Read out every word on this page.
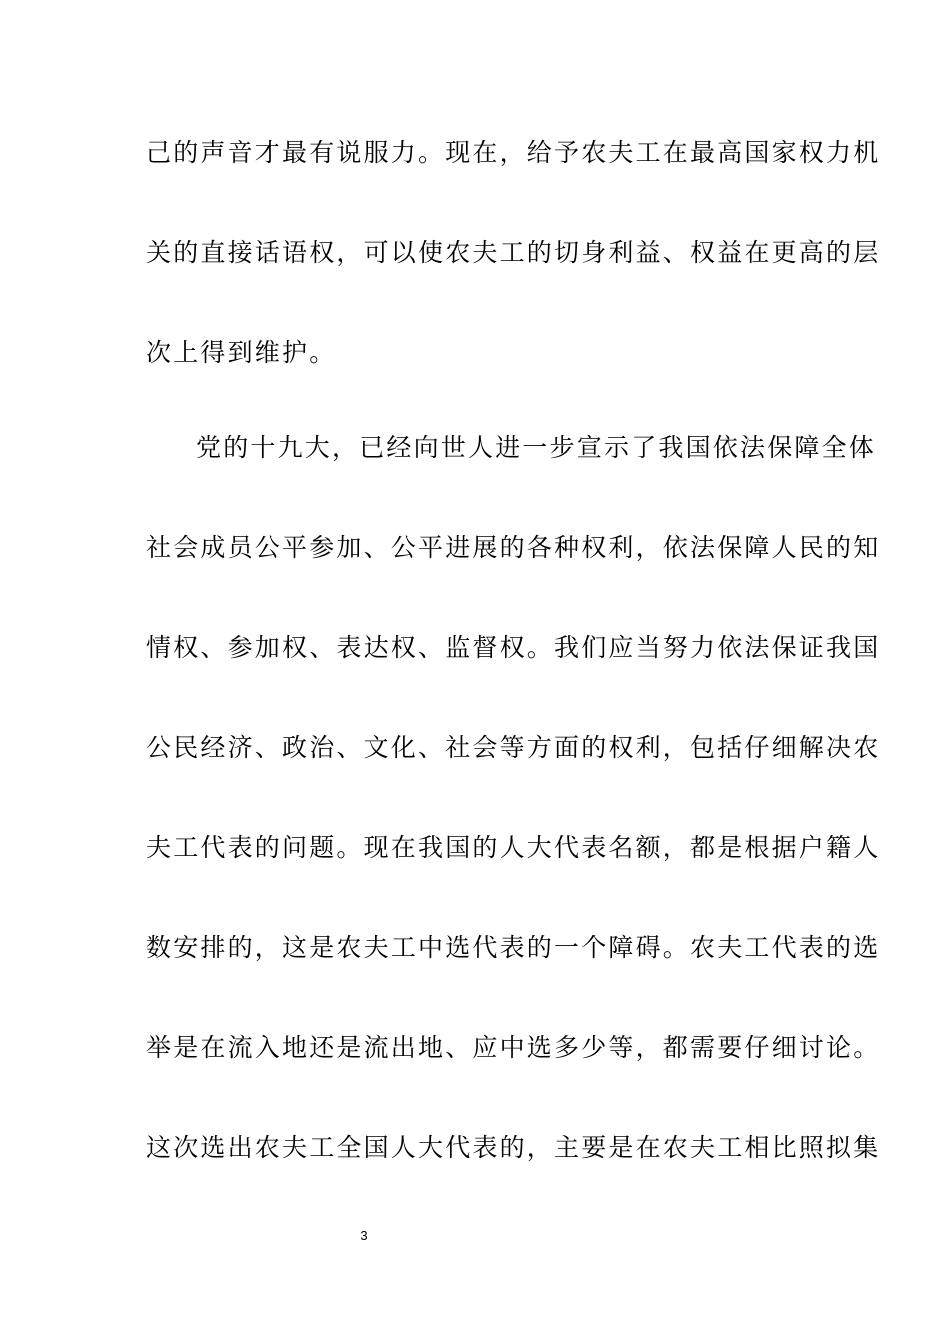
己的声音才最有说服力。现在，给予农夫工在最高国家权力机
关的直接话语权，可以使农夫工的切身利益、权益在更高的层
次上得到维护。
党的十九大，已经向世人进一步宣示了我国依法保障全体
社会成员公平参加、公平进展的各种权利，依法保障人民的知
情权、参加权、表达权、监督权。我们应当努力依法保证我国
公民经济、政治、文化、社会等方面的权利，包括仔细解决农
夫工代表的问题。现在我国的人大代表名额，都是根据户籍人
数安排的，这是农夫工中选代表的一个障碍。农夫工代表的选
举是在流入地还是流出地、应中选多少等，都需要仔细讨论。
这次选出农夫工全国人大代表的，主要是在农夫工相比照拟集
3
